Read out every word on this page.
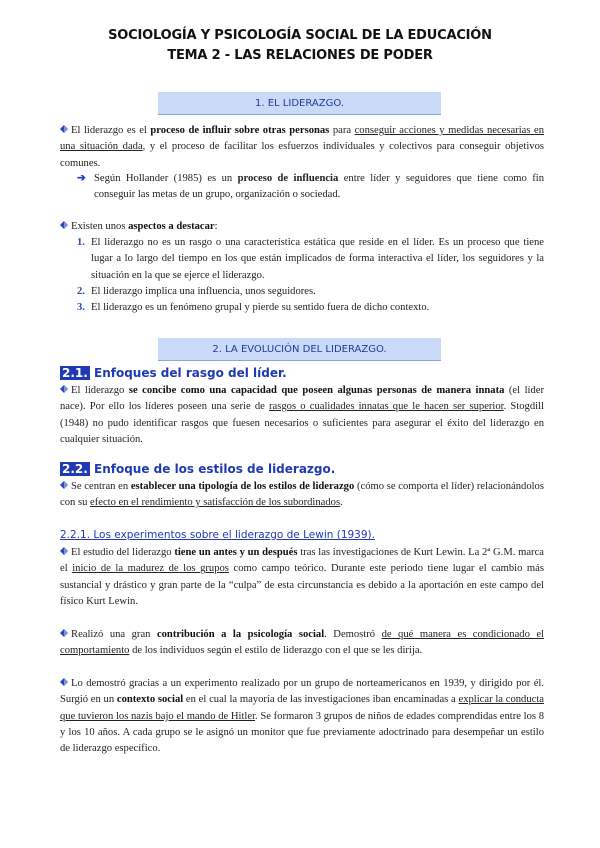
SOCIOLOGÍA Y PSICOLOGÍA SOCIAL DE LA EDUCACIÓN
TEMA 2 - LAS RELACIONES DE PODER
1. EL LIDERAZGO.

El liderazgo es el proceso de influir sobre otras personas para conseguir acciones y medidas necesarias en una situación dada, y el proceso de facilitar los esfuerzos individuales y colectivos para conseguir objetivos comunes.

➔ Según Hollander (1985) es un proceso de influencia entre líder y seguidores que tiene como fin conseguir las metas de un grupo, organización o sociedad.

Existen unos aspectos a destacar:

1. El liderazgo no es un rasgo o una característica estática que reside en el líder. Es un proceso que tiene lugar a lo largo del tiempo en los que están implicados de forma interactiva el líder, los seguidores y la situación en la que se ejerce el liderazgo.
2. El liderazgo implica una influencia, unos seguidores.
3. El liderazgo es un fenómeno grupal y pierde su sentido fuera de dicho contexto.
2. LA EVOLUCIÓN DEL LIDERAZGO.
2.1. Enfoques del rasgo del líder.

El liderazgo se concibe como una capacidad que poseen algunas personas de manera innata (el líder nace). Por ello los líderes poseen una serie de rasgos o cualidades innatas que le hacen ser superior. Stogdill (1948) no pudo identificar rasgos que fuesen necesarios o suficientes para asegurar el éxito del liderazgo en cualquier situación.

2.2. Enfoque de los estilos de liderazgo.

Se centran en establecer una tipología de los estilos de liderazgo (cómo se comporta el líder) relacionándolos con su efecto en el rendimiento y satisfacción de los subordinados.

2.2.1. Los experimentos sobre el liderazgo de Lewin (1939).

El estudio del liderazgo tiene un antes y un después tras las investigaciones de Kurt Lewin. La 2ª G.M. marca el inicio de la madurez de los grupos como campo teórico. Durante este periodo tiene lugar el cambio más sustancial y drástico y gran parte de la “culpa” de esta circunstancia es debido a la aportación en este campo del físico Kurt Lewin.

Realizó una gran contribución a la psicología social. Demostró de qué manera es condicionado el comportamiento de los individuos según el estilo de liderazgo con el que se les dirija.

Lo demostró gracias a un experimento realizado por un grupo de norteamericanos en 1939, y dirigido por él. Surgió en un contexto social en el cual la mayoría de las investigaciones iban encaminadas a explicar la conducta que tuvieron los nazis bajo el mando de Hitler. Se formaron 3 grupos de niños de edades comprendidas entre los 8 y los 10 años. A cada grupo se le asignó un monitor que fue previamente adoctrinado para desempeñar un estilo de liderazgo específico.
